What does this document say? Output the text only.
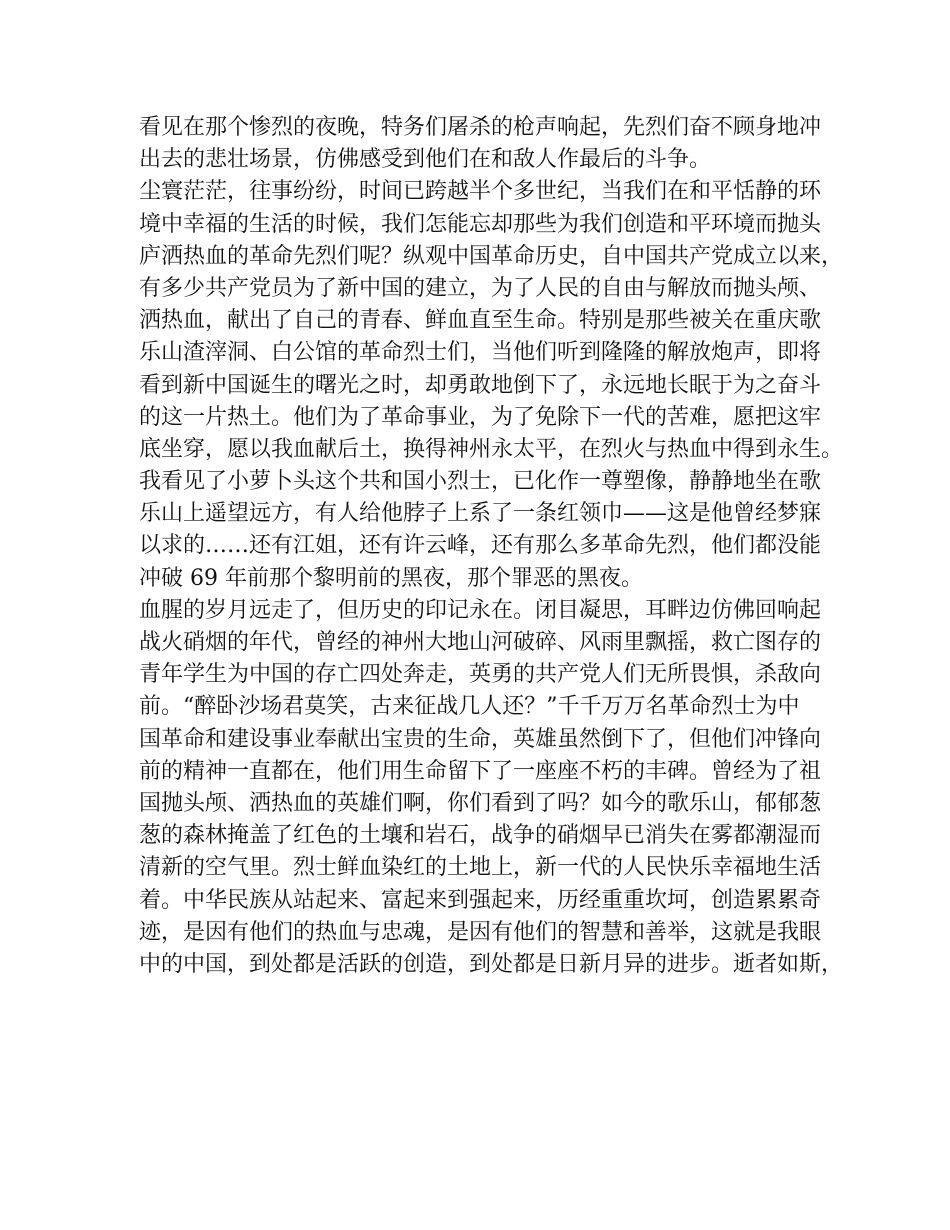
看见在那个惨烈的夜晚，特务们屠杀的枪声响起，先烈们奋不顾身地冲
出去的悲壮场景，仿佛感受到他们在和敌人作最后的斗争。
尘寰茫茫，往事纷纷，时间已跨越半个多世纪，当我们在和平恬静的环
境中幸福的生活的时候，我们怎能忘却那些为我们创造和平环境而抛头
庐洒热血的革命先烈们呢？纵观中国革命历史，自中国共产党成立以来，
有多少共产党员为了新中国的建立，为了人民的自由与解放而抛头颅、
洒热血，献出了自己的青春、鲜血直至生命。特别是那些被关在重庆歌
乐山渣滓洞、白公馆的革命烈士们，当他们听到隆隆的解放炮声，即将
看到新中国诞生的曙光之时，却勇敢地倒下了，永远地长眠于为之奋斗
的这一片热土。他们为了革命事业，为了免除下一代的苦难，愿把这牢
底坐穿，愿以我血献后土，换得神州永太平，在烈火与热血中得到永生。
我看见了小萝卜头这个共和国小烈士，已化作一尊塑像，静静地坐在歌
乐山上遥望远方，有人给他脖子上系了一条红领巾——这是他曾经梦寐
以求的……还有江姐，还有许云峰，还有那么多革命先烈，他们都没能
冲破 69 年前那个黎明前的黑夜，那个罪恶的黑夜。
血腥的岁月远走了，但历史的印记永在。闭目凝思，耳畔边仿佛回响起
战火硝烟的年代，曾经的神州大地山河破碎、风雨里飘摇，救亡图存的
青年学生为中国的存亡四处奔走，英勇的共产党人们无所畏惧，杀敌向
前。“醉卧沙场君莫笑，古来征战几人还？”千千万万名革命烈士为中
国革命和建设事业奉献出宝贵的生命，英雄虽然倒下了，但他们冲锋向
前的精神一直都在，他们用生命留下了一座座不朽的丰碑。曾经为了祖
国抛头颅、洒热血的英雄们啊，你们看到了吗？如今的歌乐山，郁郁葱
葱的森林掩盖了红色的土壤和岩石，战争的硝烟早已消失在雾都潮湿而
清新的空气里。烈士鲜血染红的土地上，新一代的人民快乐幸福地生活
着。中华民族从站起来、富起来到强起来，历经重重坎坷，创造累累奇
迹，是因有他们的热血与忠魂，是因有他们的智慧和善举，这就是我眼
中的中国，到处都是活跃的创造，到处都是日新月异的进步。逝者如斯，
